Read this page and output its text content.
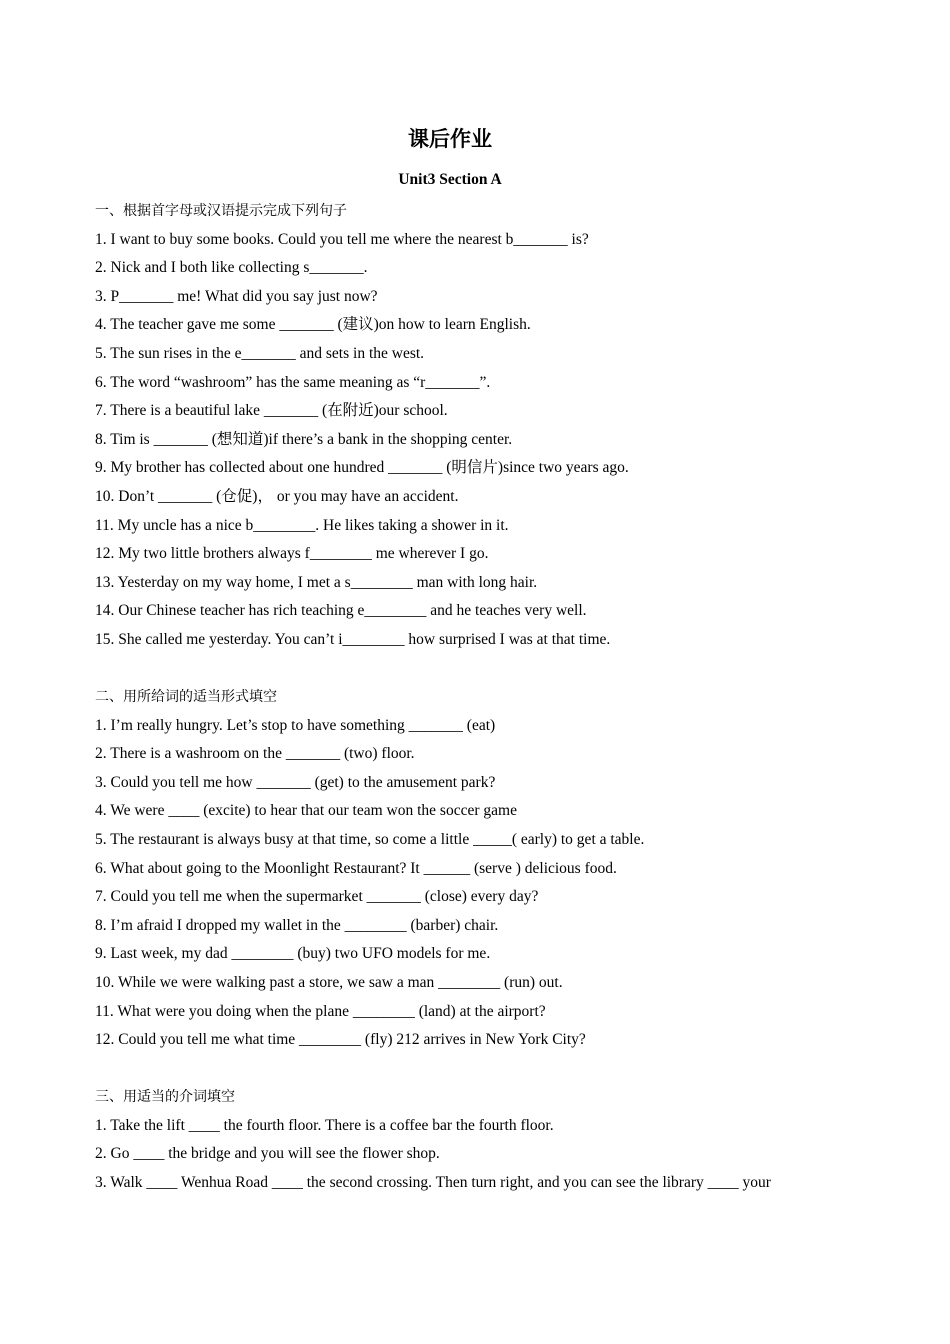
课后作业
Unit3 Section A
一、根据首字母或汉语提示完成下列句子
1. I want to buy some books. Could you tell me where the nearest b_______ is?
2. Nick and I both like collecting s_______.
3. P_______ me! What did you say just now?
4. The teacher gave me some _______ (建议)on how to learn English.
5. The sun rises in the e_______ and sets in the west.
6. The word “washroom” has the same meaning as “r_______”.
7. There is a beautiful lake _______ (在附近)our school.
8. Tim is _______ (想知道)if there’s a bank in the shopping center.
9. My brother has collected about one hundred _______ (明信片)since two years ago.
10. Don’t _______ (仓促)， or you may have an accident.
11. My uncle has a nice b________. He likes taking a shower in it.
12. My two little brothers always f________ me wherever I go.
13. Yesterday on my way home, I met a s________ man with long hair.
14. Our Chinese teacher has rich teaching e________ and he teaches very well.
15. She called me yesterday. You can’t i________ how surprised I was at that time.
二、用所给词的适当形式填空
1. I’m really hungry. Let’s stop to have something _______ (eat)
2. There is a washroom on the _______ (two) floor.
3. Could you tell me how _______ (get) to the amusement park?
4. We were ____ (excite) to hear that our team won the soccer game
5. The restaurant is always busy at that time, so come a little _____( early) to get a table.
6. What about going to the Moonlight Restaurant? It ______ (serve ) delicious food.
7. Could you tell me when the supermarket _______ (close) every day?
8. I’m afraid I dropped my wallet in the ________ (barber) chair.
9. Last week, my dad ________ (buy) two UFO models for me.
10. While we were walking past a store, we saw a man ________ (run) out.
11. What were you doing when the plane ________ (land) at the airport?
12. Could you tell me what time ________ (fly) 212 arrives in New York City?
三、用适当的介词填空
1. Take the lift ____ the fourth floor. There is a coffee bar the fourth floor.
2. Go ____ the bridge and you will see the flower shop.
3. Walk ____ Wenhua Road ____ the second crossing. Then turn right, and you can see the library ____ your
